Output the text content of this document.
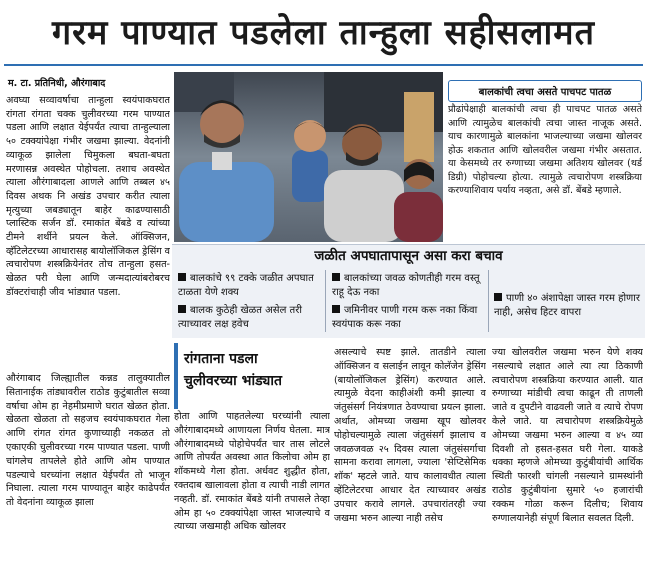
गरम पाण्यात पडलेला तान्हुला सहीसलामत
म. टा. प्रतिनिधी, औरंगाबाद
अवघ्या सव्वावर्षाचा तान्हुला स्वयंपाकघरात रांगता रांगता चक्क चुलीवरच्या गरम पाण्यात पडला आणि लक्षात येईपर्यंत त्याचा तान्हुल्याला ५० टक्क्यांपेक्षा गंभीर जखमा झाल्या. वेदनांनी व्याकूळ झालेला चिमुकला बघता-बघता मरणासन्न अवस्थेत पोहोचला. तशाच अवस्थेत त्याला औरंगाबादला आणले आणि तब्बल ४५ दिवस अथक नि अखंड उपचार करीत त्याला मृत्युच्या जबड्यातून बाहेर काढण्यासाठी प्लास्टिक सर्जन डॉ. रमाकांत बेंबडे व त्यांच्या टीमने शर्थीने प्रयत्न केले. ऑक्सिजन, व्हॅटिलेटरच्या आधारासह बायोलॉजिकल ड्रेसिंग व त्वचारोपण शस्त्रक्रियेनंतर तोच तान्हुला हसत-खेळत परी घेला आणि जन्मदात्यांबरोबरच डॉक्टरांचाही जीव भांड्यात पडला.
बालकांची त्वचा असते पाचपट पातळ
प्रौढांपेक्षाही बालकांची त्वचा ही पाचपट पातळ असते आणि त्यामुळेच बालकांची त्वचा जास्त नाजूक असते. याच कारणामुळे बालकांना भाजल्याच्या जखमा खोलवर होऊ शकतात आणि खोलवरील जखमा गंभीर असतात. या केसमध्ये तर रुग्णाच्या जखमा अतिशय खोलवर (थर्ड डिग्री) पोहोचल्या होत्या. त्यामुळे त्वचारोपण शस्त्रक्रिया करण्याशिवाय पर्याय नव्हता, असे डॉ. बेंबडे म्हणाले.
जळीत अपघातापासून असा करा बचाव
बालकांचे ९९ टक्के जळीत अपघात टाळता येणे शक्य
बालक कुठेही खेळत असेल तरी त्याच्यावर लक्ष हवेच
बालकांच्या जवळ कोणतीही गरम वस्तू राहू देऊ नका
जमिनीवर पाणी गरम करू नका किंवा स्वयंपाक करू नका
पाणी ४० अंशापेक्षा जास्त गरम होणार नाही, असेच हिटर वापरा
रांगताना पडला चुलीवरच्या भांड्यात
औरंगाबाद जिल्ह्यातील कन्नड तालुक्यातील सितानाईक तांड्यावरील राठोड कुटुंबातील सव्वा वर्षाचा ओम हा नेहमीप्रमाणे घरात खेळत होता. खेळता खेळता तो सहजच स्वयंपाकघरात गेला आणि रांगत रांगत कुणाच्याही नकळत तो एकाएकी चुलीवरच्या गरम पाण्यात पडला. पाणी चांगलेच तापलेले होते आणि ओम पाण्यात पडल्याचे घरच्यांना लक्षात येईपर्यंत तो भाजून निघाला. त्याला गरम पाण्यातून बाहेर काढेपर्यंत तो वेदनांना व्याकूळ झाला
होता आणि पाहतलेल्या घरच्यांनी त्याला औरंगाबादमध्ये आणायला निर्णय घेतला. मात्र औरंगाबादमध्ये पोहोचेपर्यंत चार तास लोटले आणि तोपर्यंत अवस्था आत किलोचा ओम हा शॉकमध्ये गेला होता. अर्धवट शुद्धीत होता, रक्तदाब खालावला होता व त्याची नाडी लागत नव्हती. डॉ. रमाकांत बेंबडे यांनी तपासले तेव्हा ओम हा ५० टक्क्यांपेक्षा जास्त भाजल्याचे व त्याच्या जखमाही अधिक खोलवर
असल्याचे स्पष्ट झाले. तातडीने त्याला ऑक्सिजन व सलाईन लावून कोलॅजेन ड्रेसिंग (बायोलॉजिकल ड्रेसिंग) करण्यात आले. त्यामुळे वेदना काहीअंशी कमी झाल्या व जंतुसंसर्ग नियंत्रणात ठेवण्याचा प्रयत्न झाला. अर्थात, ओमच्या जखमा खूप खोलवर पोहोचल्यामुळे त्याला जंतुसंसर्ग झालाच व जवळजवळ २५ दिवस त्याला जंतुसंसर्गाचा सामना करावा लागला, ज्याला 'सेप्टिसेमिक शॉक' म्हटले जाते. याच कालावधीत त्याला व्हेंटिलेटरचा आधार देत त्याच्यावर अखंड उपचार करावे लागले. उपचारांतरही ज्या जखमा भरुन आल्या नाही तसेच
ज्या खोलवरील जखमा भरुन येणे शक्य नसल्याचे लक्षात आले त्या त्या ठिकाणी त्वचारोपण शस्त्रक्रिया करण्यात आली. यात रुग्णाच्या मांडीची त्वचा काढून ती ताणली जाते व दुपटीने वाढवली जाते व त्याचे रोपण केले जाते. या त्वचारोपण शस्त्रक्रियेमुळे ओमच्या जखमा भरुन आल्या व ४५ व्या दिवशी तो हसत-हसत घरी गेला. याकडे धक्का म्हणजे ओमच्या कुटुंबीयांची आर्थिक स्थिती फारशी चांगली नसल्याने ग्रामस्थांनी राठोड कुटुंबीयांना सुमारे ५० हजारांची रक्कम गोळा करून दिलीच; शिवाय रुग्णालयानेही संपूर्ण बिलात सवलत दिली.
